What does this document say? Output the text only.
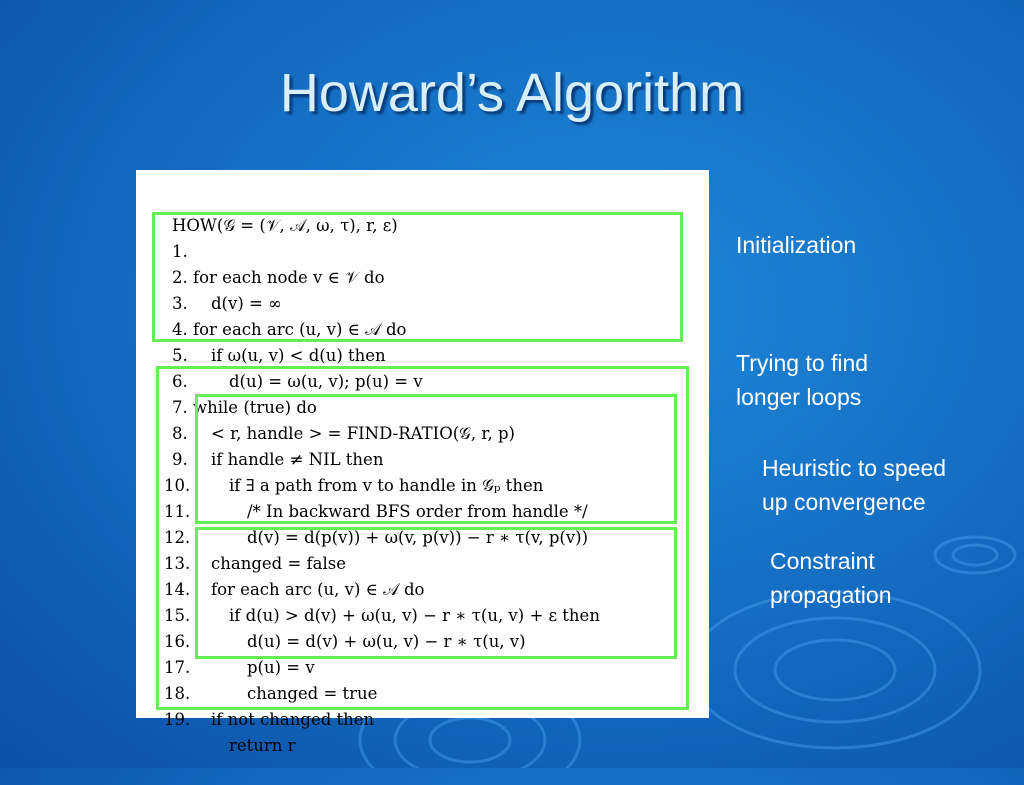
Howard’s Algorithm

HOW(𝒢 = (𝒱, 𝒜, ω, τ), r, ε)

1.

for each node v ∈ 𝒱 do

2.

d(v) = ∞

3.

for each arc (u, v) ∈ 𝒜 do

4.

if ω(u, v) < d(u) then

5.

d(u) = ω(u, v); p(u) = v

6.

while (true) do

7.

< r, handle > = FIND-RATIO(𝒢, r, p)

8.

if handle ≠ NIL then

9.

if ∃ a path from v to handle in 𝒢ₚ then

10.

/* In backward BFS order from handle */

11.

d(v) = d(p(v)) + ω(v, p(v)) − r ∗ τ(v, p(v))

12.

changed = false

13.

for each arc (u, v) ∈ 𝒜 do

14.

if d(u) > d(v) + ω(u, v) − r ∗ τ(u, v) + ε then

15.

d(u) = d(v) + ω(u, v) − r ∗ τ(u, v)

16.

p(u) = v

17.

changed = true

18.

if not changed then

19.

return r

Initialization
Trying to find
longer loops
Heuristic to speed
up convergence
Constraint
propagation
